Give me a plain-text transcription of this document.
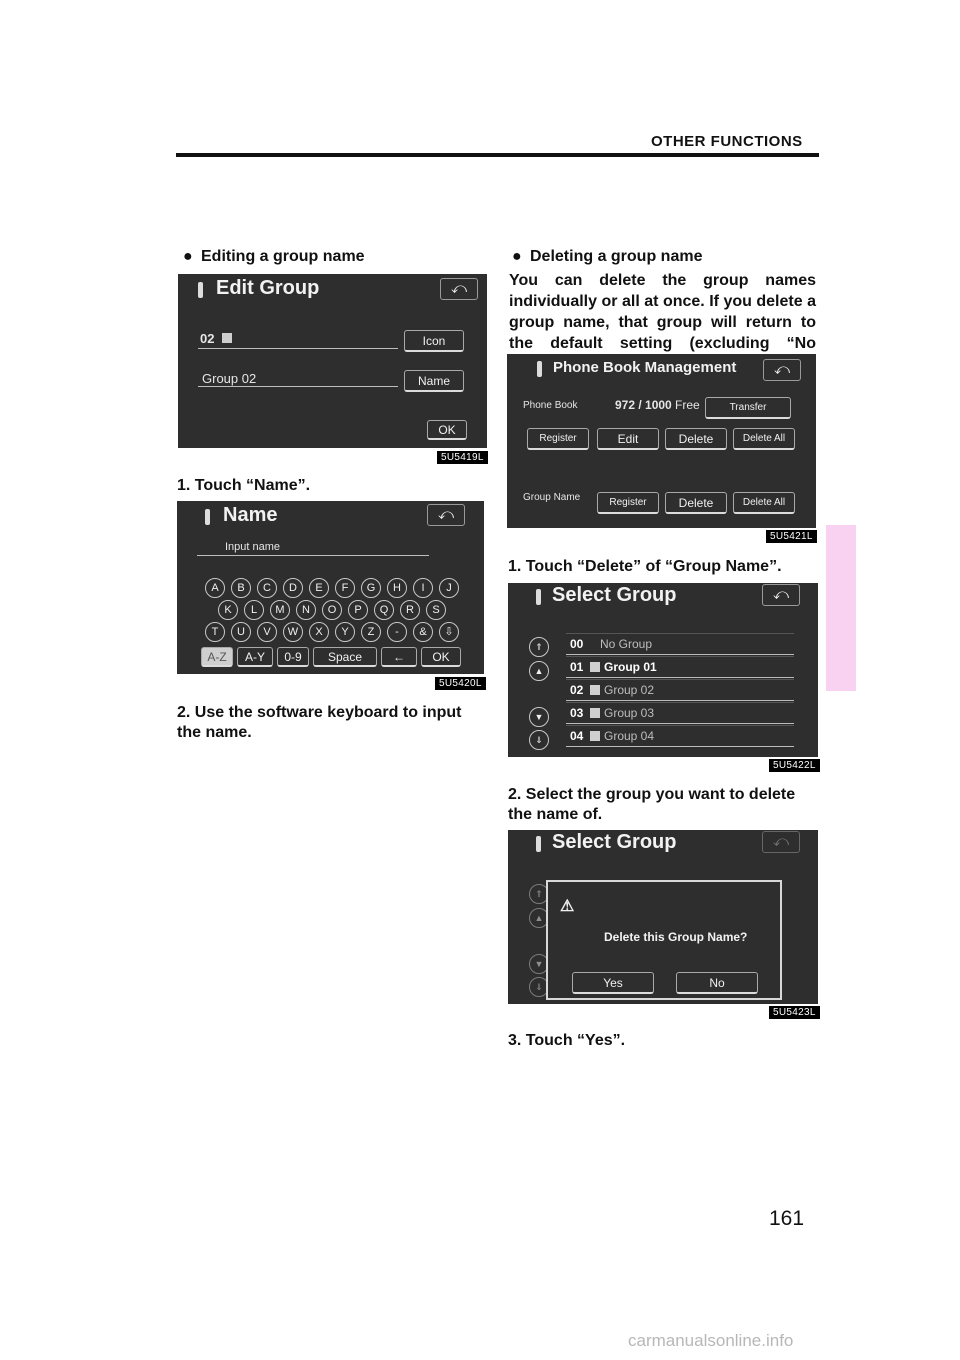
OTHER FUNCTIONS
161
carmanualsonline.info
● Editing a group name
Edit Group	⤺
02	Icon
Group 02	Name
OK
5U5419L
1. Touch “Name”.
Name	⤺
Input name
A	B	C	D	E	F	G	H	I	J
K	L	M	N	O	P	Q	R	S
T	U	V	W	X	Y	Z	-	&	⇩
A-Z	A-Y	0-9	Space	←	OK
5U5420L
2. Use the software keyboard to input the name.
● Deleting a group name
You can delete the group names individually or all at once. If you delete a group name, that group will return to the default setting (excluding “No
Phone Book Management	⤺
Phone Book	972 / 1000 Free	Transfer
Register	Edit	Delete	Delete All
Group Name	Register	Delete	Delete All
5U5421L
1. Touch “Delete” of “Group Name”.
Select Group	⤺
⇑
▲
▼
⇓
00 No Group
01 Group 01
02 Group 02
03 Group 03
04 Group 04
5U5422L
2. Select the group you want to delete the name of.
Select Group	⤺
⇑
▲
▼
⇓
⚠
Delete this Group Name?
Yes	No
5U5423L
3. Touch “Yes”.
